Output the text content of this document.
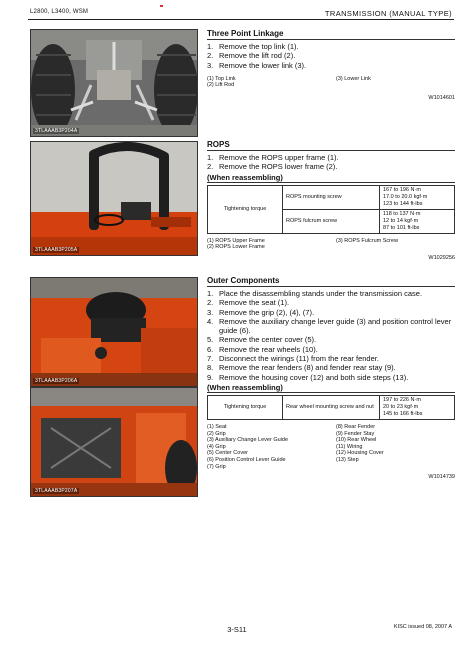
L2800, L3400, WSM	TRANSMISSION (MANUAL TYPE)
3TLAAAB3P204A
3TLAAAB3P205A
3TLAAAB3P206A
3TLAAAB3P207A
Three Point Linkage
1. Remove the top link (1).
2. Remove the lift rod (2).
3. Remove the lower link (3).
(1) Top Link	(3) Lower Link
(2) Lift Rod
W1014601
ROPS
1. Remove the ROPS upper frame (1).
2. Remove the ROPS lower frame (2).
(When reassembling)
Tightening torque	ROPS mounting screw	167 to 196 N·m
17.0 to 20.0 kgf·m
123 to 144 ft-lbs

	ROPS fulcrum screw	118 to 137 N·m
12 to 14 kgf·m
87 to 101 ft-lbs
(1) ROPS Upper Frame	(3) ROPS Fulcrum Screw
(2) ROPS Lower Frame
W1029256
Outer Components
1. Place the disassembling stands under the transmission case.
2. Remove the seat (1).
3. Remove the grip (2), (4), (7).
4. Remove the auxiliary change lever guide (3) and position control lever guide (6).
5. Remove the center cover (5).
6. Remove the rear wheels (10).
7. Disconnect the wirings (11) from the rear fender.
8. Remove the rear fenders (8) and fender rear stay (9).
9. Remove the housing cover (12) and both side steps (13).
(When reassembling)
Tightening torque	Rear wheel mounting screw and nut	
197 to 226 N·m
20 to 23 kgf·m
145 to 166 ft-lbs
(1) Seat	(8) Rear Fender
(2) Grip	(9) Fender Stay
(3) Auxiliary Change Lever Guide	(10) Rear Wheel
(4) Grip	(11) Wiring
(5) Center Cover	(12) Housing Cover
(6) Position Control Lever Guide	(13) Step
(7) Grip
W1014739
3-S11	KISC issued 08, 2007 A
